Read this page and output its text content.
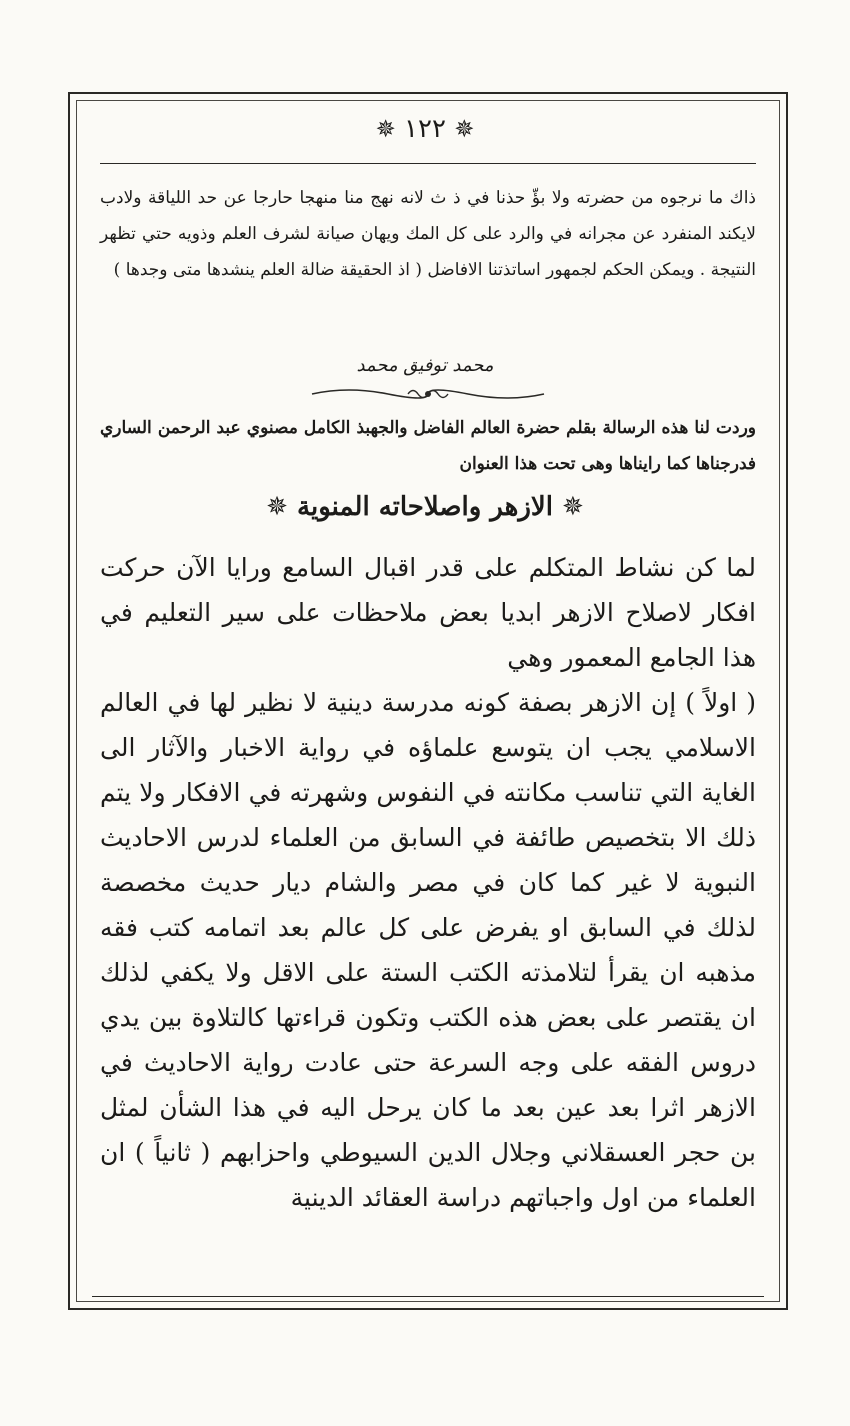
✵ ١٢٢ ✵
ذاك ما نرجوه من حضرته ولا بؤّ حذنا في ذ ث لانه نهج منا منهجا حارجا عن حد اللياقة ولادب لايكند المنفرد عن مجرانه في والرد على كل المك ويهان صيانة لشرف العلم وذويه حتي تظهر النتيجة . ويمكن الحكم لجمهور اساتذتنا الافاضل ( اذ الحقيقة ضالة العلم ينشدها متى وجدها )
محمد توفيق محمد
وردت لنا هذه الرسالة بقلم حضرة العالم الفاضل والجهبذ الكامل مصنوي عبد الرحمن الساري فدرجناها كما رايناها وهى تحت هذا العنوان
✵ الازهر واصلاحاته المنوية ✵

لما كن نشاط المتكلم على قدر اقبال السامع ورايا الآن حركت افكار لاصلاح الازهر ابديا بعض ملاحظات على سير التعليم في هذا الجامع المعمور وهي

( اولاً ) إن الازهر بصفة كونه مدرسة دينية لا نظير لها في العالم الاسلامي يجب ان يتوسع علماؤه في رواية الاخبار والآثار الى الغاية التي تناسب مكانته في النفوس وشهرته في الافكار ولا يتم ذلك الا بتخصيص طائفة في السابق من العلماء لدرس الاحاديث النبوية لا غير كما كان في مصر والشام ديار حديث مخصصة لذلك في السابق او يفرض على كل عالم بعد اتمامه كتب فقه مذهبه ان يقرأ لتلامذته الكتب الستة على الاقل ولا يكفي لذلك ان يقتصر على بعض هذه الكتب وتكون قراءتها كالتلاوة بين يدي دروس الفقه على وجه السرعة حتى عادت رواية الاحاديث في الازهر اثرا بعد عين بعد ما كان يرحل اليه في هذا الشأن لمثل بن حجر العسقلاني وجلال الدين السيوطي واحزابهم ( ثانياً ) ان العلماء من اول واجباتهم دراسة العقائد الدينية
